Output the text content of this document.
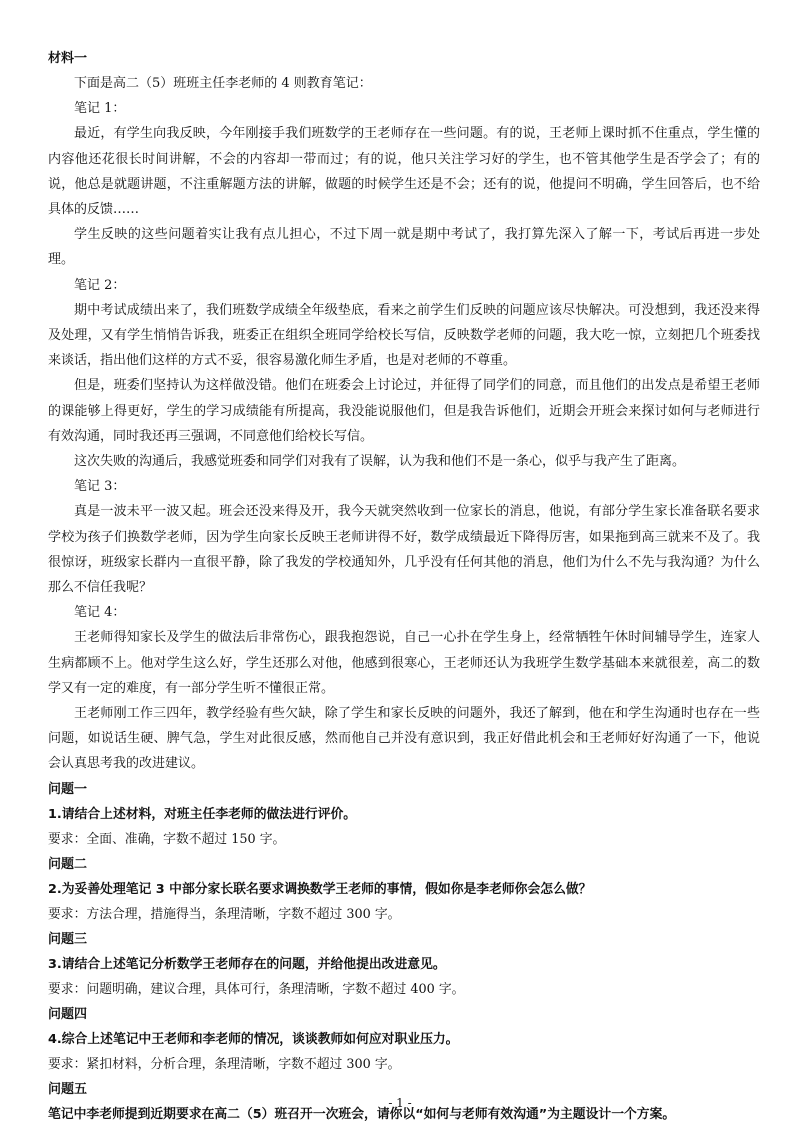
材料一

下面是高二（5）班班主任李老师的 4 则教育笔记：

笔记 1：

最近，有学生向我反映，今年刚接手我们班数学的王老师存在一些问题。有的说，王老师上课时抓不住重点，学生懂的内容他还花很长时间讲解，不会的内容却一带而过；有的说，他只关注学习好的学生，也不管其他学生是否学会了；有的说，他总是就题讲题，不注重解题方法的讲解，做题的时候学生还是不会；还有的说，他提问不明确，学生回答后，也不给具体的反馈……

学生反映的这些问题着实让我有点儿担心，不过下周一就是期中考试了，我打算先深入了解一下，考试后再进一步处理。

笔记 2：

期中考试成绩出来了，我们班数学成绩全年级垫底，看来之前学生们反映的问题应该尽快解决。可没想到，我还没来得及处理，又有学生悄悄告诉我，班委正在组织全班同学给校长写信，反映数学老师的问题，我大吃一惊，立刻把几个班委找来谈话，指出他们这样的方式不妥，很容易激化师生矛盾，也是对老师的不尊重。

但是，班委们坚持认为这样做没错。他们在班委会上讨论过，并征得了同学们的同意，而且他们的出发点是希望王老师的课能够上得更好，学生的学习成绩能有所提高，我没能说服他们，但是我告诉他们，近期会开班会来探讨如何与老师进行有效沟通，同时我还再三强调，不同意他们给校长写信。

这次失败的沟通后，我感觉班委和同学们对我有了误解，认为我和他们不是一条心，似乎与我产生了距离。

笔记 3：

真是一波未平一波又起。班会还没来得及开，我今天就突然收到一位家长的消息，他说，有部分学生家长准备联名要求学校为孩子们换数学老师，因为学生向家长反映王老师讲得不好，数学成绩最近下降得厉害，如果拖到高三就来不及了。我很惊讶，班级家长群内一直很平静，除了我发的学校通知外，几乎没有任何其他的消息，他们为什么不先与我沟通？为什么那么不信任我呢？

笔记 4：

王老师得知家长及学生的做法后非常伤心，跟我抱怨说，自己一心扑在学生身上，经常牺牲午休时间辅导学生，连家人生病都顾不上。他对学生这么好，学生还那么对他，他感到很寒心，王老师还认为我班学生数学基础本来就很差，高二的数学又有一定的难度，有一部分学生听不懂很正常。

王老师刚工作三四年，教学经验有些欠缺，除了学生和家长反映的问题外，我还了解到，他在和学生沟通时也存在一些问题，如说话生硬、脾气急，学生对此很反感，然而他自己并没有意识到，我正好借此机会和王老师好好沟通了一下，他说会认真思考我的改进建议。

问题一

1.请结合上述材料，对班主任李老师的做法进行评价。

要求：全面、准确，字数不超过 150 字。

问题二

2.为妥善处理笔记 3 中部分家长联名要求调换数学王老师的事情，假如你是李老师你会怎么做？

要求：方法合理，措施得当，条理清晰，字数不超过 300 字。

问题三

3.请结合上述笔记分析数学王老师存在的问题，并给他提出改进意见。

要求：问题明确，建议合理，具体可行，条理清晰，字数不超过 400 字。

问题四

4.综合上述笔记中王老师和李老师的情况，谈谈教师如何应对职业压力。

要求：紧扣材料，分析合理，条理清晰，字数不超过 300 字。

问题五

笔记中李老师提到近期要求在高二（5）班召开一次班会，请你以“如何与老师有效沟通”为主题设计一个方案。

- 1 -
